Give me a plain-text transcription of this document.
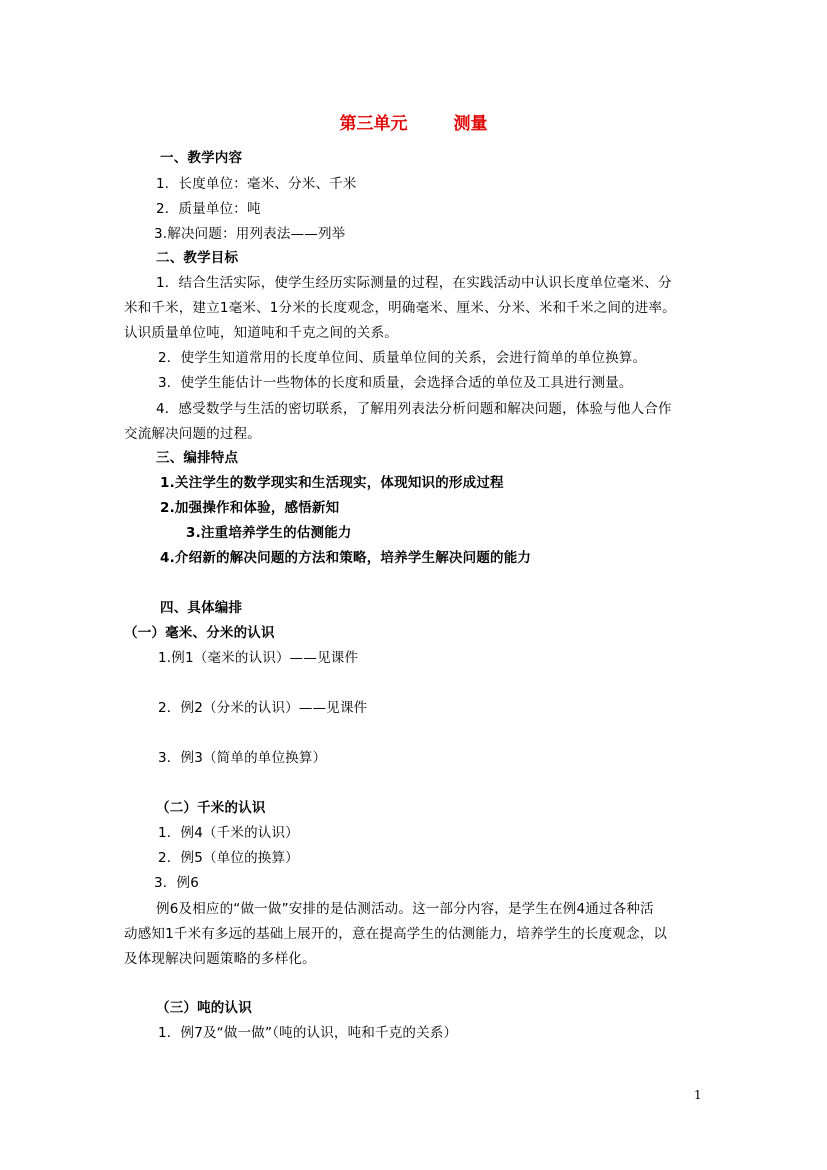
第三单元	测量
一、教学内容
1．长度单位：毫米、分米、千米
2．质量单位：吨
3.解决问题：用列表法——列举
二、教学目标
1．结合生活实际，使学生经历实际测量的过程，在实践活动中认识长度单位毫米、分
米和千米，建立1毫米、1分米的长度观念，明确毫米、厘米、分米、米和千米之间的进率。
认识质量单位吨，知道吨和千克之间的关系。
2．使学生知道常用的长度单位间、质量单位间的关系，会进行简单的单位换算。
3．使学生能估计一些物体的长度和质量，会选择合适的单位及工具进行测量。
4．感受数学与生活的密切联系，了解用列表法分析问题和解决问题，体验与他人合作
交流解决问题的过程。
三、编排特点
1.关注学生的数学现实和生活现实，体现知识的形成过程
2.加强操作和体验，感悟新知
3.注重培养学生的估测能力
4.介绍新的解决问题的方法和策略，培养学生解决问题的能力
四、具体编排
（一）毫米、分米的认识
1.例1（毫米的认识）——见课件
2．例2（分米的认识）——见课件
3．例3（简单的单位换算）
（二）千米的认识
1．例4（千米的认识）
2．例5（单位的换算）
3．例6
例6及相应的“做一做”安排的是估测活动。这一部分内容，是学生在例4通过各种活
动感知1千米有多远的基础上展开的，意在提高学生的估测能力，培养学生的长度观念，以
及体现解决问题策略的多样化。
（三）吨的认识
1．例7及“做一做”（吨的认识，吨和千克的关系）
1
